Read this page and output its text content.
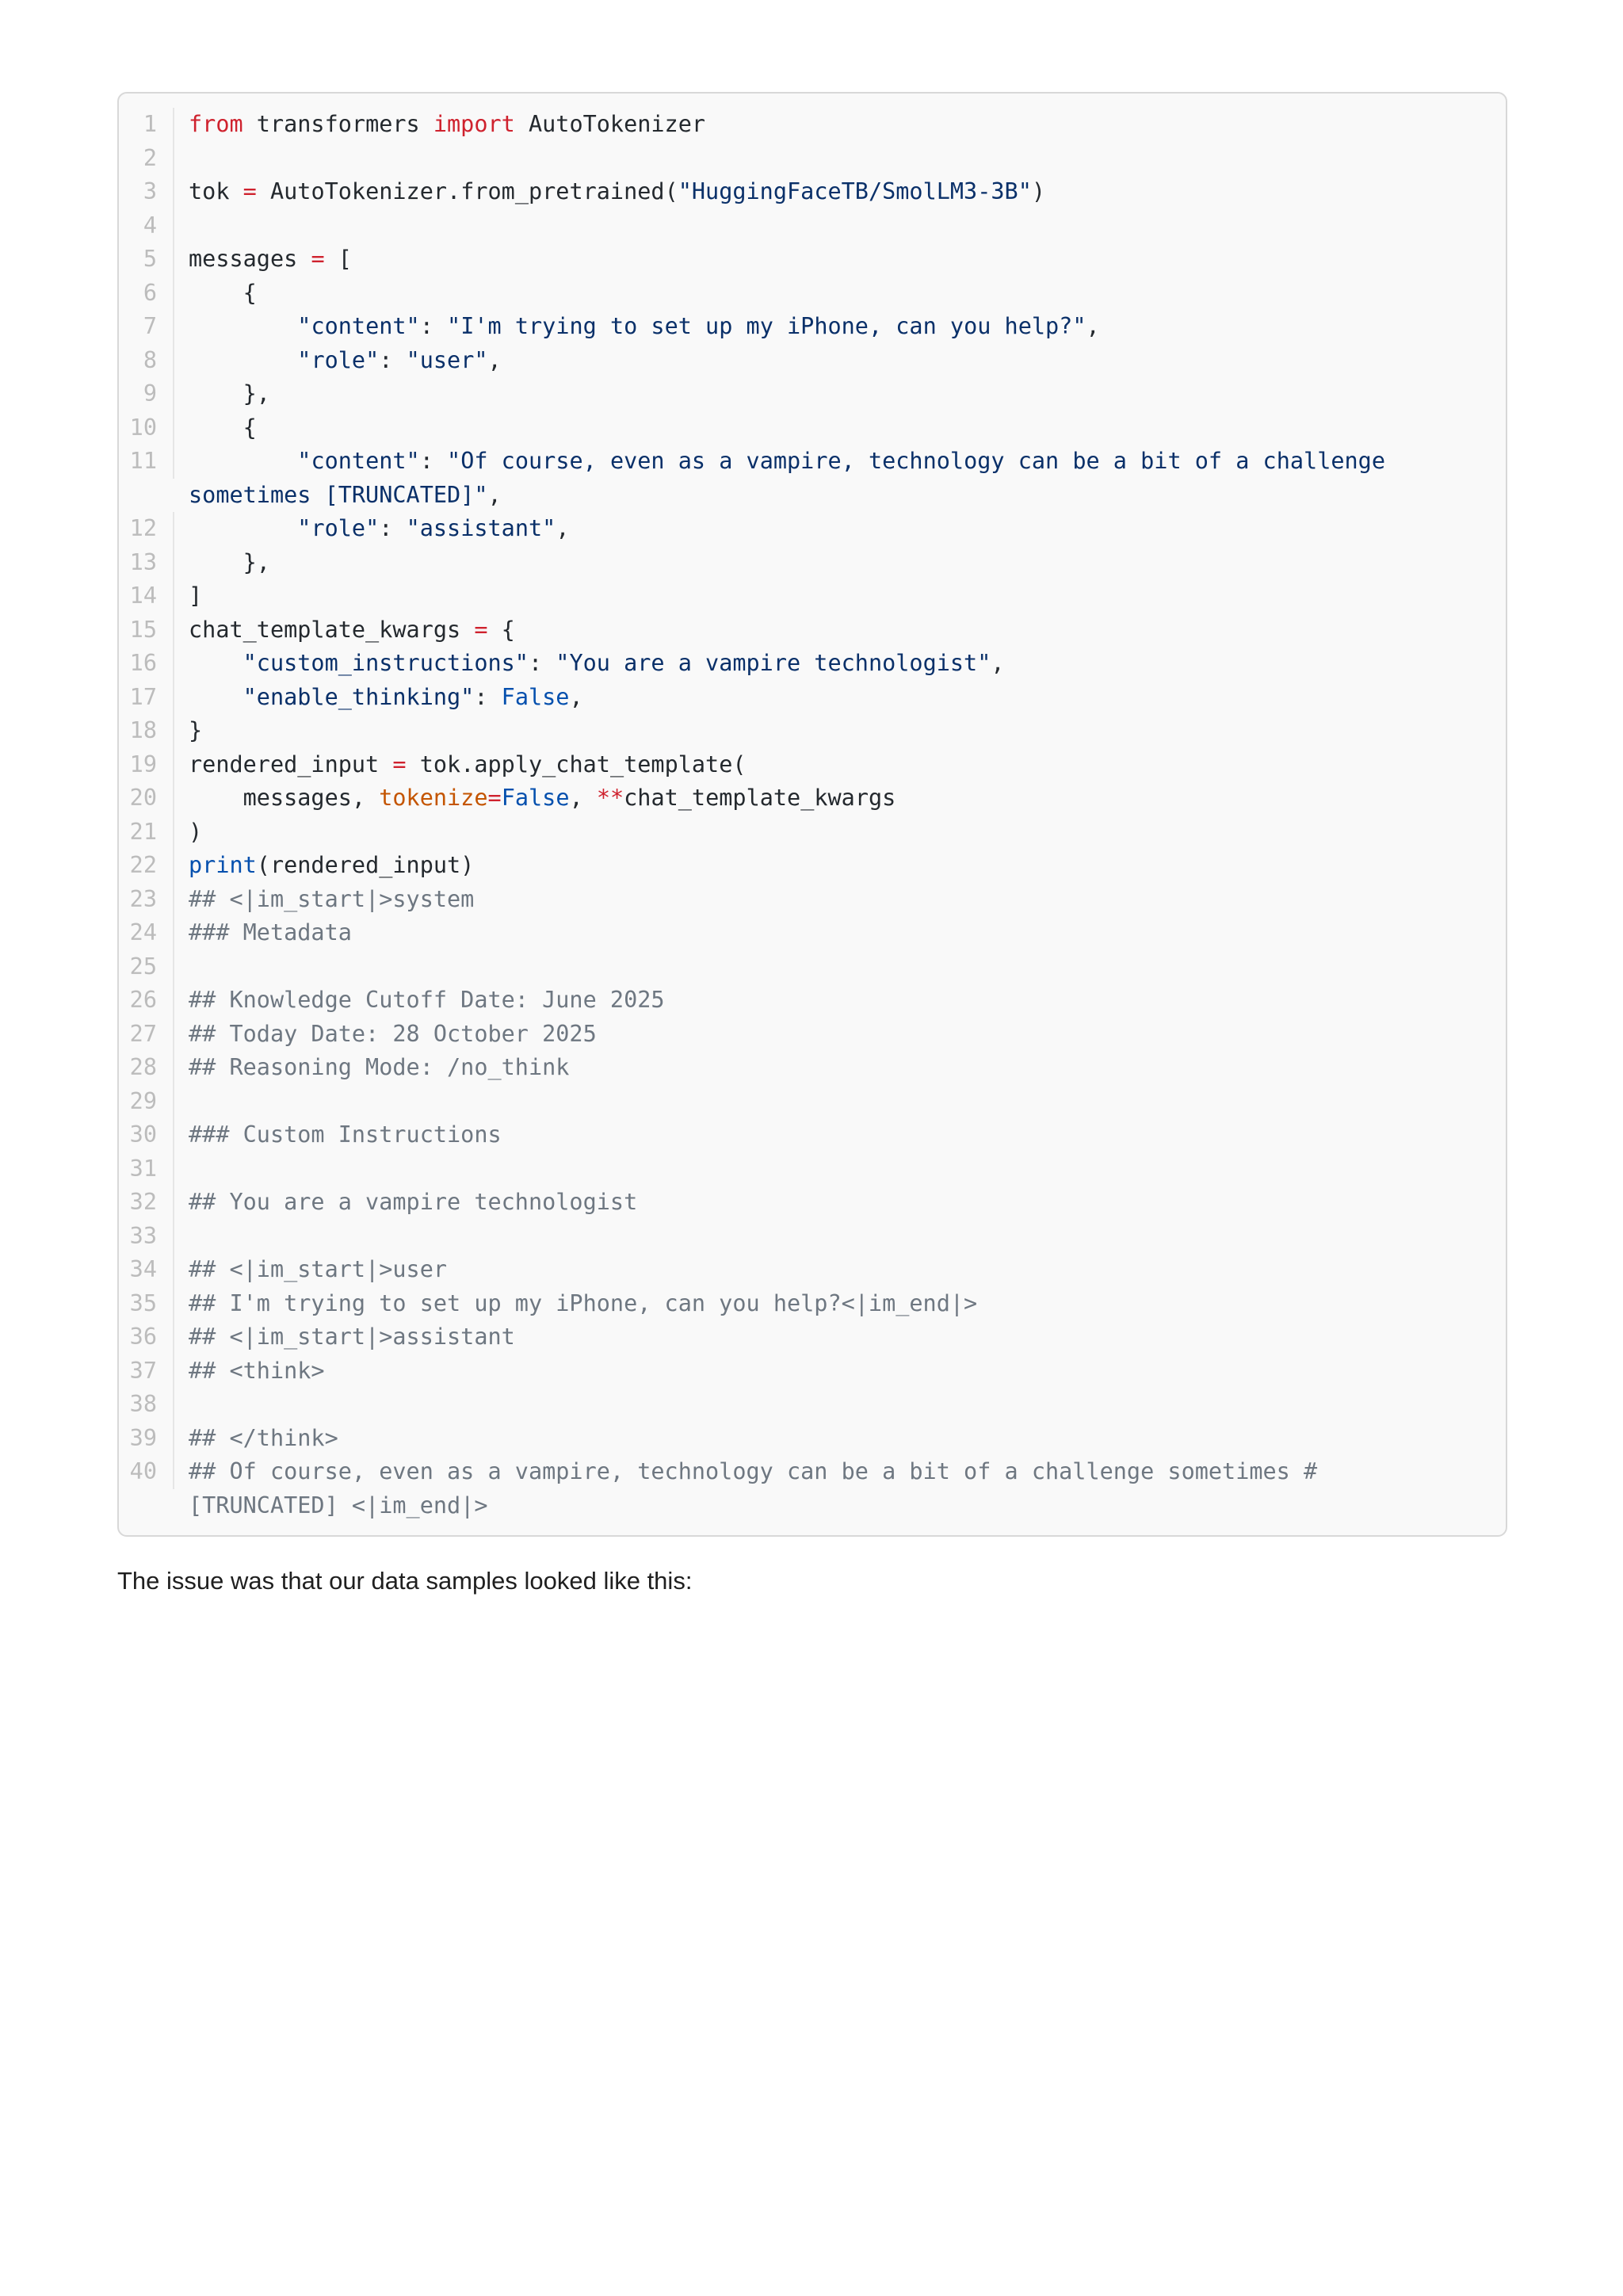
1	from transformers import AutoTokenizer
2
3	tok = AutoTokenizer.from_pretrained("HuggingFaceTB/SmolLM3-3B")
4
5	messages = [
6	{
7	"content": "I'm trying to set up my iPhone, can you help?",
8	"role": "user",
9	},
10	{
11	"content": "Of course, even as a vampire, technology can be a bit of a challenge sometimes [TRUNCATED]",
12	"role": "assistant",
13	},
14	]
15	chat_template_kwargs = {
16	"custom_instructions": "You are a vampire technologist",
17	"enable_thinking": False,
18	}
19	rendered_input = tok.apply_chat_template(
20	messages, tokenize=False, **chat_template_kwargs
21	)
22	print(rendered_input)
23	## <|im_start|>system
24	### Metadata
25
26	## Knowledge Cutoff Date: June 2025
27	## Today Date: 28 October 2025
28	## Reasoning Mode: /no_think
29
30	### Custom Instructions
31
32	## You are a vampire technologist
33
34	## <|im_start|>user
35	## I'm trying to set up my iPhone, can you help?<|im_end|>
36	## <|im_start|>assistant
37	## <think>
38
39	## </think>
40	## Of course, even as a vampire, technology can be a bit of a challenge sometimes # [TRUNCATED] <|im_end|>

The issue was that our data samples looked like this:
